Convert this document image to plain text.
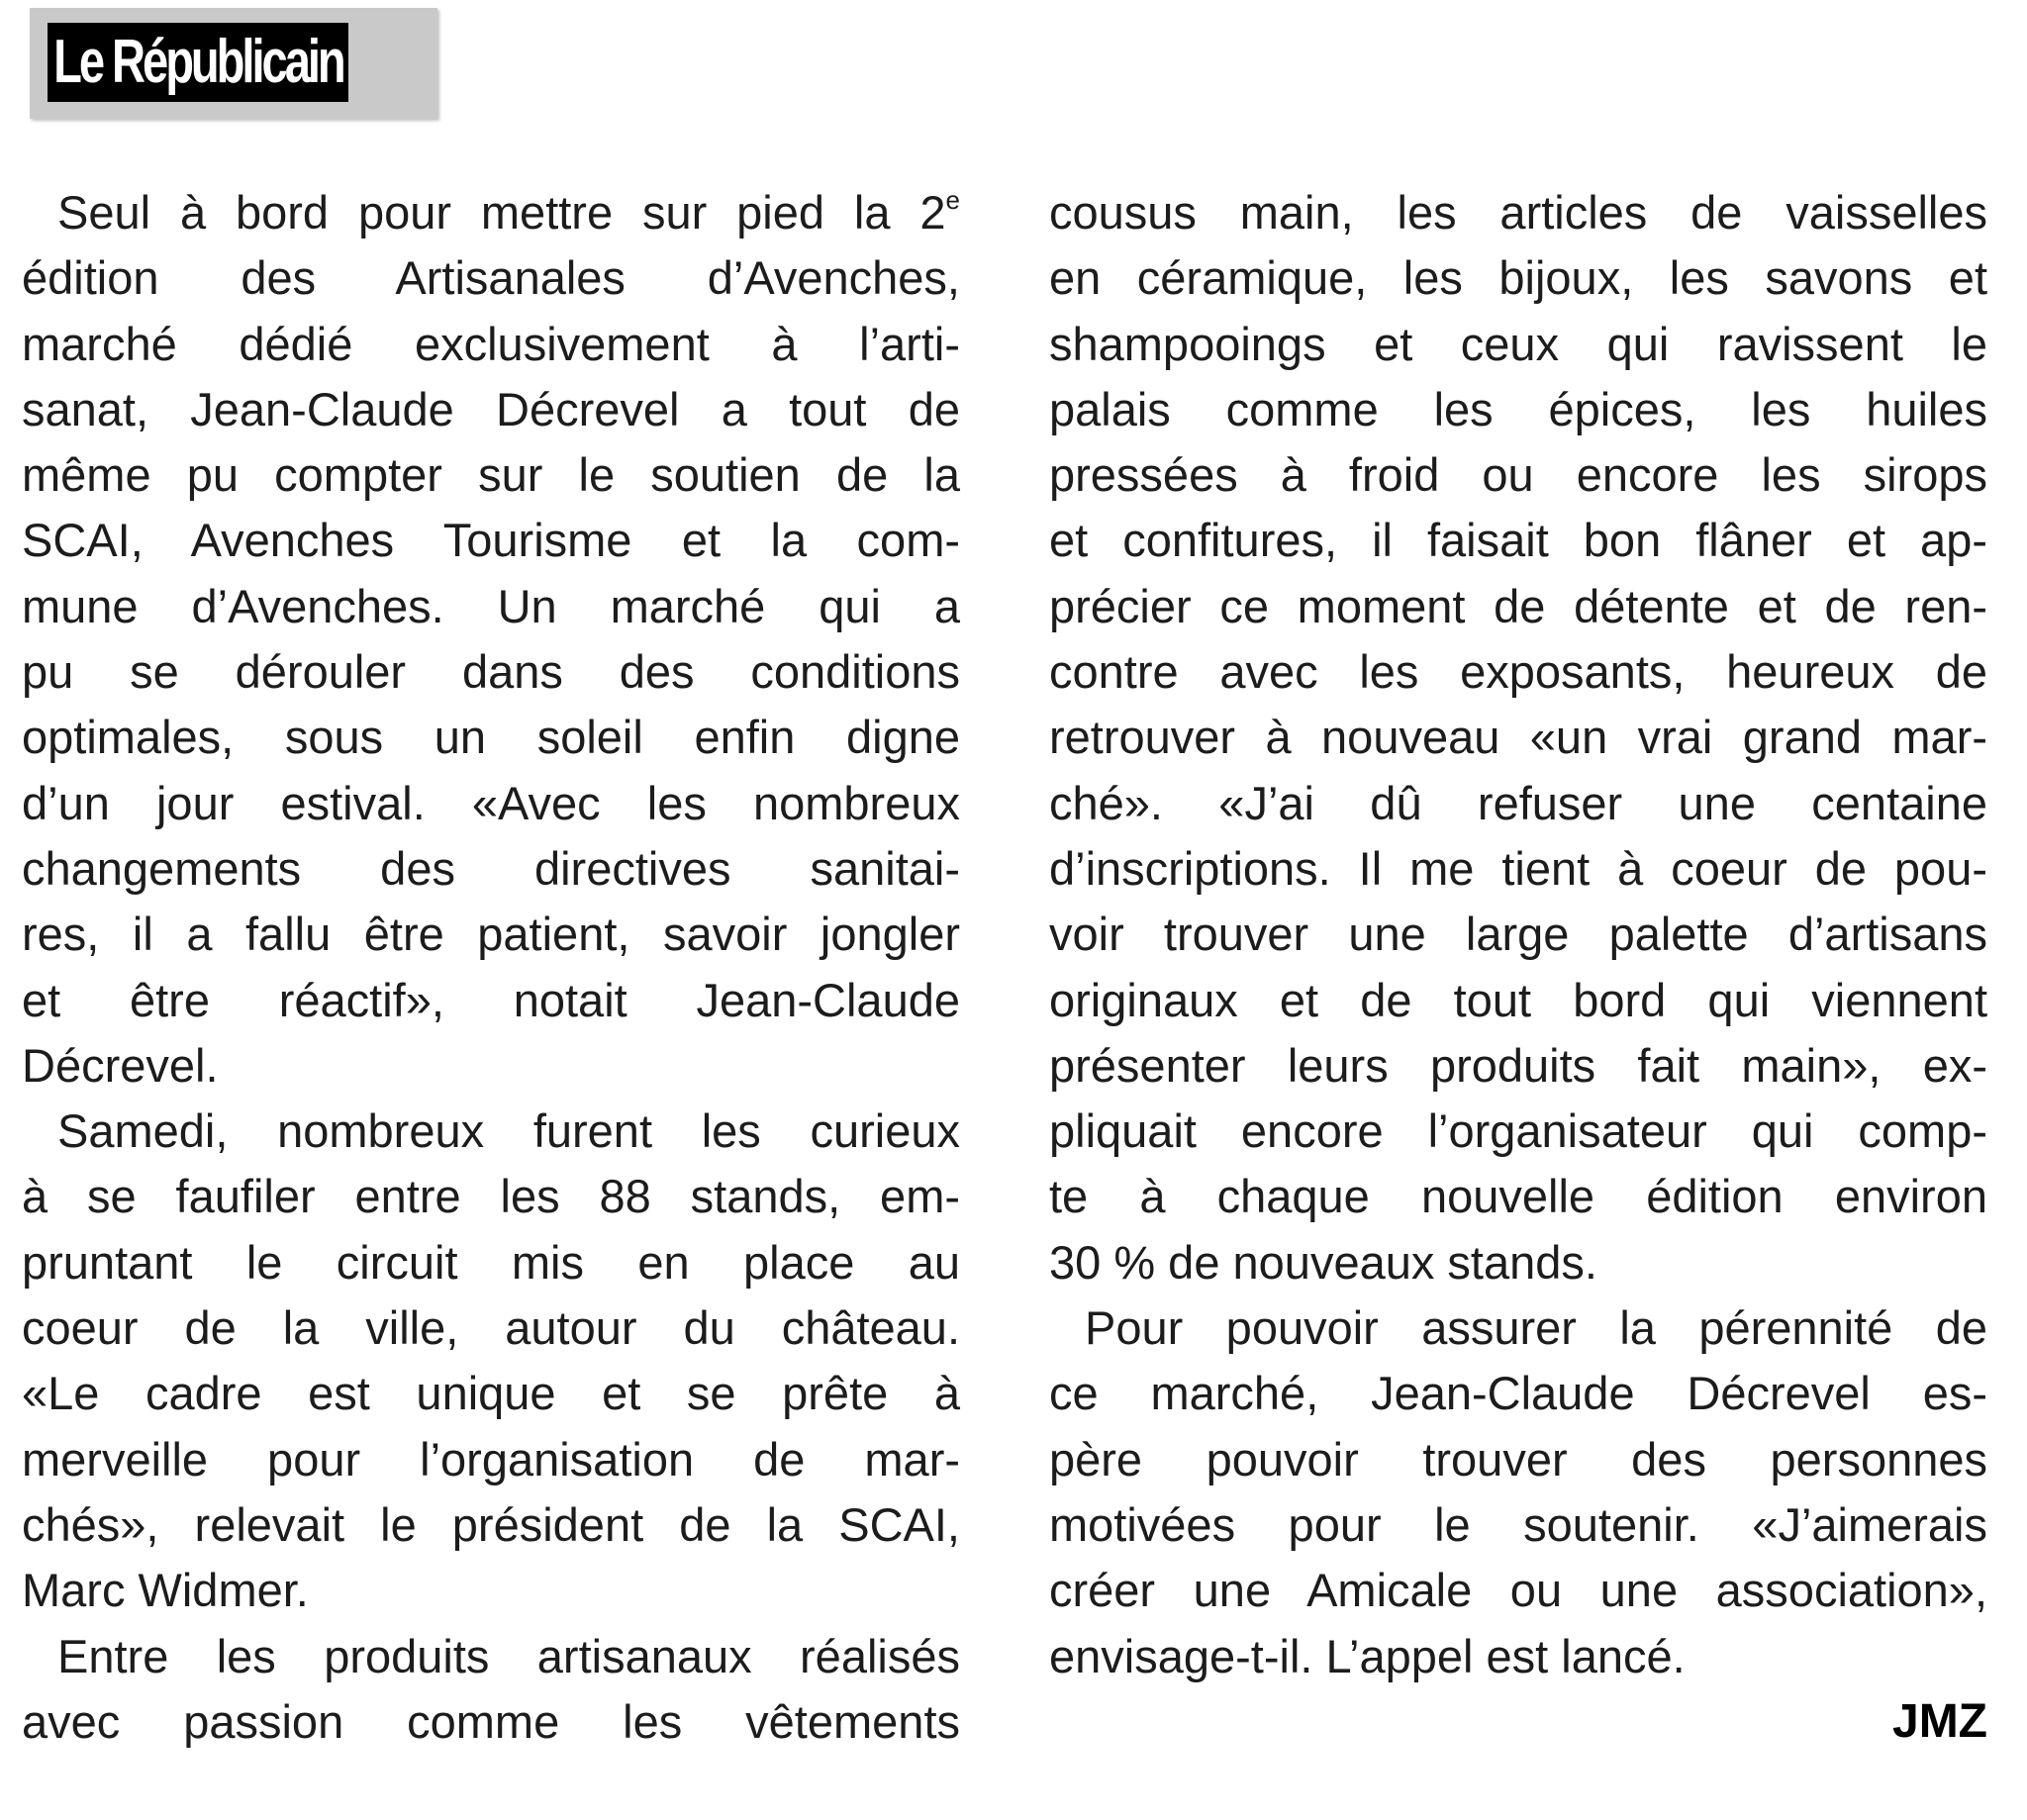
Le Républicain
Seul à bord pour mettre sur pied la 2e
édition des Artisanales d’Avenches,
marché dédié exclusivement à l’arti-
sanat, Jean-Claude Décrevel a tout de
même pu compter sur le soutien de la
SCAI, Avenches Tourisme et la com-
mune d’Avenches. Un marché qui a
pu se dérouler dans des conditions
optimales, sous un soleil enfin digne
d’un jour estival. «Avec les nombreux
changements des directives sanitai-
res, il a fallu être patient, savoir jongler
et être réactif», notait Jean-Claude
Décrevel.
Samedi, nombreux furent les curieux
à se faufiler entre les 88 stands, em-
pruntant le circuit mis en place au
coeur de la ville, autour du château.
«Le cadre est unique et se prête à
merveille pour l’organisation de mar-
chés», relevait le président de la SCAI,
Marc Widmer.
Entre les produits artisanaux réalisés
avec passion comme les vêtements
cousus main, les articles de vaisselles
en céramique, les bijoux, les savons et
shampooings et ceux qui ravissent le
palais comme les épices, les huiles
pressées à froid ou encore les sirops
et confitures, il faisait bon flâner et ap-
précier ce moment de détente et de ren-
contre avec les exposants, heureux de
retrouver à nouveau «un vrai grand mar-
ché». «J’ai dû refuser une centaine
d’inscriptions. Il me tient à coeur de pou-
voir trouver une large palette d’artisans
originaux et de tout bord qui viennent
présenter leurs produits fait main», ex-
pliquait encore l’organisateur qui comp-
te à chaque nouvelle édition environ
30 % de nouveaux stands.
Pour pouvoir assurer la pérennité de
ce marché, Jean-Claude Décrevel es-
père pouvoir trouver des personnes
motivées pour le soutenir. «J’aimerais
créer une Amicale ou une association»,
envisage-t-il. L’appel est lancé.
JMZ
